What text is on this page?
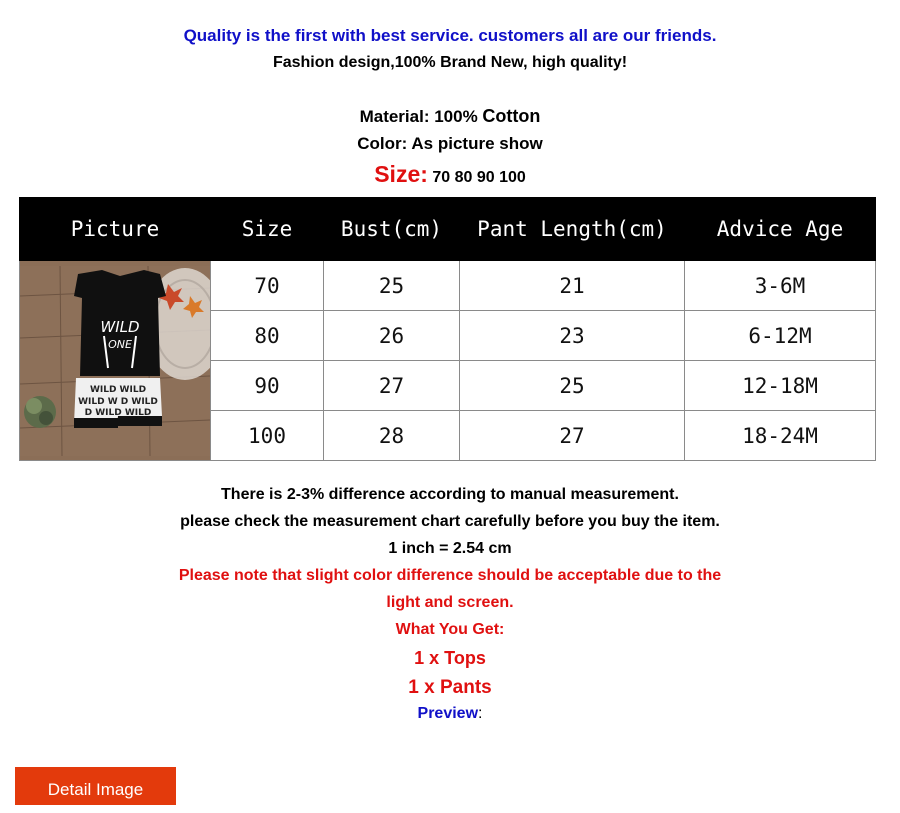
Quality is the first with best service. customers all are our friends.
Fashion design,100% Brand New, high quality!
Material: 100% Cotton
Color: As picture show
Size: 70 80 90 100
Picture	Size	Bust(cm)	Pant Length(cm)	Advice Age

WILD
ONE
WILD WILD
WILD W D WILD
D WILD WILD	70	25	21	3-6M
	80	26	23	6-12M
	90	27	25	12-18M
	100	28	27	18-24M
There is 2-3% difference according to manual measurement.
please check the measurement chart carefully before you buy the item.
1 inch = 2.54 cm
Please note that slight color difference should be acceptable due to the
light and screen.
What You Get:
1 x Tops
1 x Pants
Preview:
Detail Image
